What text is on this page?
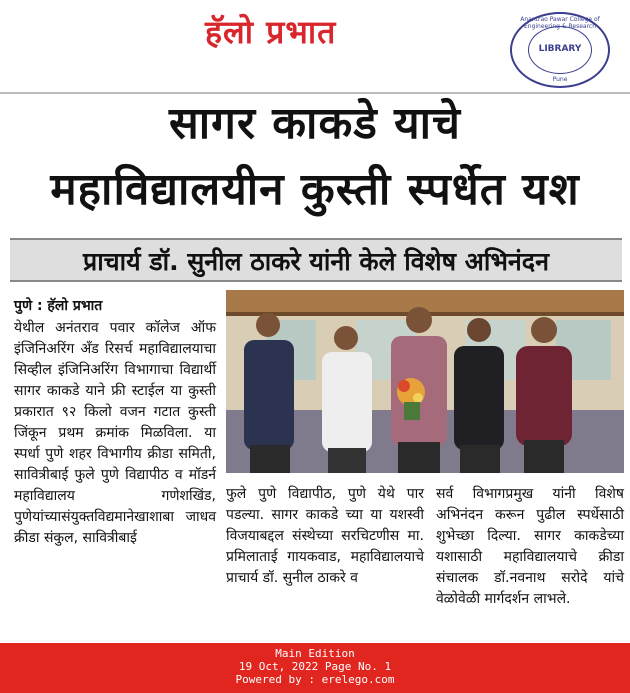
हॅलो प्रभात	Anantrao Pawar College of Engineering & Research
LIBRARY
Pune
सागर काकडे याचे
महाविद्यालयीन कुस्ती स्पर्धेत यश
प्राचार्य डॉ. सुनील ठाकरे यांनी केले विशेष अभिनंदन
पुणे : हॅलो प्रभात
येथील अनंतराव पवार कॉलेज ऑफ इंजिनिअरिंग अँड रिसर्च महाविद्यालयाचा सिव्हील इंजिनिअरिंग विभागाचा विद्यार्थी सागर काकडे याने फ्री स्टाईल या कुस्ती प्रकारात ९२ किलो वजन गटात कुस्ती जिंकून प्रथम क्रमांक मिळविला. या स्पर्धा पुणे शहर विभागीय क्रीडा समिती, सावित्रीबाई फुले पुणे विद्यापीठ व मॉडर्न महाविद्यालय गणेशखिंड, पुणेयांच्यासंयुक्तविद्यमानेखाशाबा जाधव क्रीडा संकुल, सावित्रीबाई
फुले पुणे विद्यापीठ, पुणे येथे पार पडल्या. सागर काकडे च्या या यशस्वी विजयाबद्दल संस्थेच्या सरचिटणीस मा. प्रमिलाताई गायकवाड, महाविद्यालयाचे प्राचार्य डॉ. सुनील ठाकरे व
सर्व विभागप्रमुख यांनी विशेष अभिनंदन करून पुढील स्पर्धेसाठी शुभेच्छा दिल्या. सागर काकडेच्या यशासाठी महाविद्यालयाचे क्रीडा संचालक डॉ.नवनाथ सरोदे यांचे वेळोवेळी मार्गदर्शन लाभले.
Main Edition
19 Oct, 2022 Page No. 1
Powered by : erelego.com
